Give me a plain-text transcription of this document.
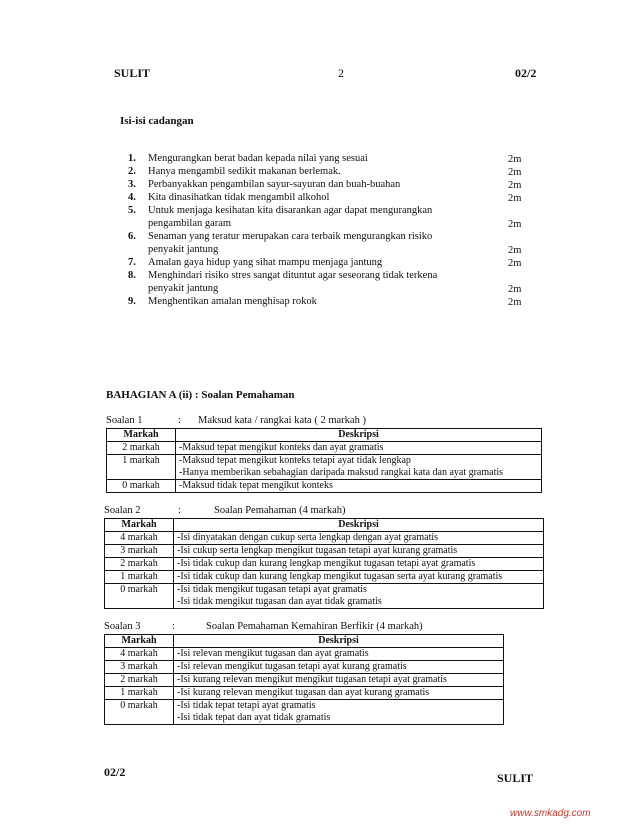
SULIT	2	02/2
Isi-isi cadangan
1. Mengurangkan berat badan kepada nilai yang sesuai	2m
2. Hanya mengambil sedikit makanan berlemak.	2m
3. Perbanyakkan pengambilan sayur-sayuran dan buah-buahan	2m
4. Kita dinasihatkan tidak mengambil alkohol	2m
5. Untuk menjaga kesihatan kita disarankan agar dapat mengurangkan
pengambilan garam	2m
6. Senaman yang teratur merupakan cara terbaik mengurangkan risiko
penyakit jantung	2m
7. Amalan gaya hidup yang sihat mampu menjaga jantung	2m
8. Menghindari risiko stres sangat dituntut agar seseorang tidak terkena
penyakit jantung	2m
9. Menghentikan amalan menghisap rokok	2m
BAHAGIAN A (ii) : Soalan Pemahaman
Soalan 1	: Maksud kata / rangkai kata ( 2 markah )
Markah	Deskripsi
2 markah	-Maksud tepat mengikut konteks dan ayat gramatis

1 markah	-Maksud tepat mengikut konteks tetapi ayat tidak lengkap
-Hanya memberikan sebahagian daripada maksud rangkai kata dan ayat gramatis

0 markah	-Maksud tidak tepat mengikut konteks
Soalan 2	:	Soalan Pemahaman (4 markah)
Markah	Deskripsi
4 markah	-Isi dinyatakan dengan cukup serta lengkap dengan ayat gramatis

3 markah	-Isi cukup serta lengkap mengikut tugasan tetapi ayat kurang gramatis

2 markah	-Isi tidak cukup dan kurang lengkap mengikut tugasan tetapi ayat gramatis

1 markah	-Isi tidak cukup dan kurang lengkap mengikut tugasan serta ayat kurang gramatis

0 markah	-Isi tidak mengikut tugasan tetapi ayat gramatis
-Isi tidak mengikut tugasan dan ayat tidak gramatis
Soalan 3	:	Soalan Pemahaman Kemahiran Berfikir (4 markah)
Markah	Deskripsi
4 markah	-Isi relevan mengikut tugasan dan ayat gramatis

3 markah	-Isi relevan mengikut tugasan tetapi ayat kurang gramatis

2 markah	-Isi kurang relevan mengikut mengikut tugasan tetapi ayat gramatis

1 markah	-Isi kurang relevan mengikut tugasan dan ayat kurang gramatis

0 markah	-Isi tidak tepat tetapi ayat gramatis
-Isi tidak tepat dan ayat tidak gramatis
02/2	SULIT
www.smkadg.com
